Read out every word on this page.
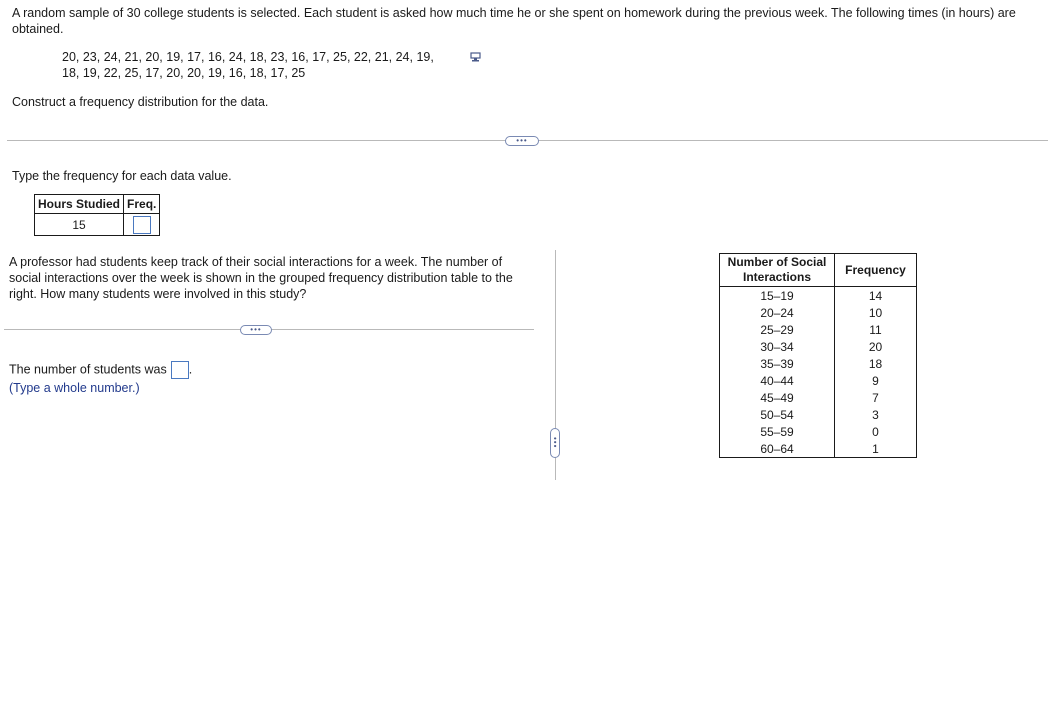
A random sample of 30 college students is selected. Each student is asked how much time he or she spent on homework during the previous week. The following times (in hours) are obtained.
20, 23, 24, 21, 20, 19, 17, 16, 24, 18, 23, 16, 17, 25, 22, 21, 24, 19,
18, 19, 22, 25, 17, 20, 20, 19, 16, 18, 17, 25
Construct a frequency distribution for the data.
•••
Type the frequency for each data value.
Hours Studied	Freq.
15	
A professor had students keep track of their social interactions for a week. The number of social interactions over the week is shown in the grouped frequency distribution table to the right. How many students were involved in this study?
•••
The number of students was .
(Type a whole number.)
•••
Number of Social Interactions	Frequency
15–19	14
20–24	10
25–29	11
30–34	20
35–39	18
40–44	9
45–49	7
50–54	3
55–59	0
60–64	1
